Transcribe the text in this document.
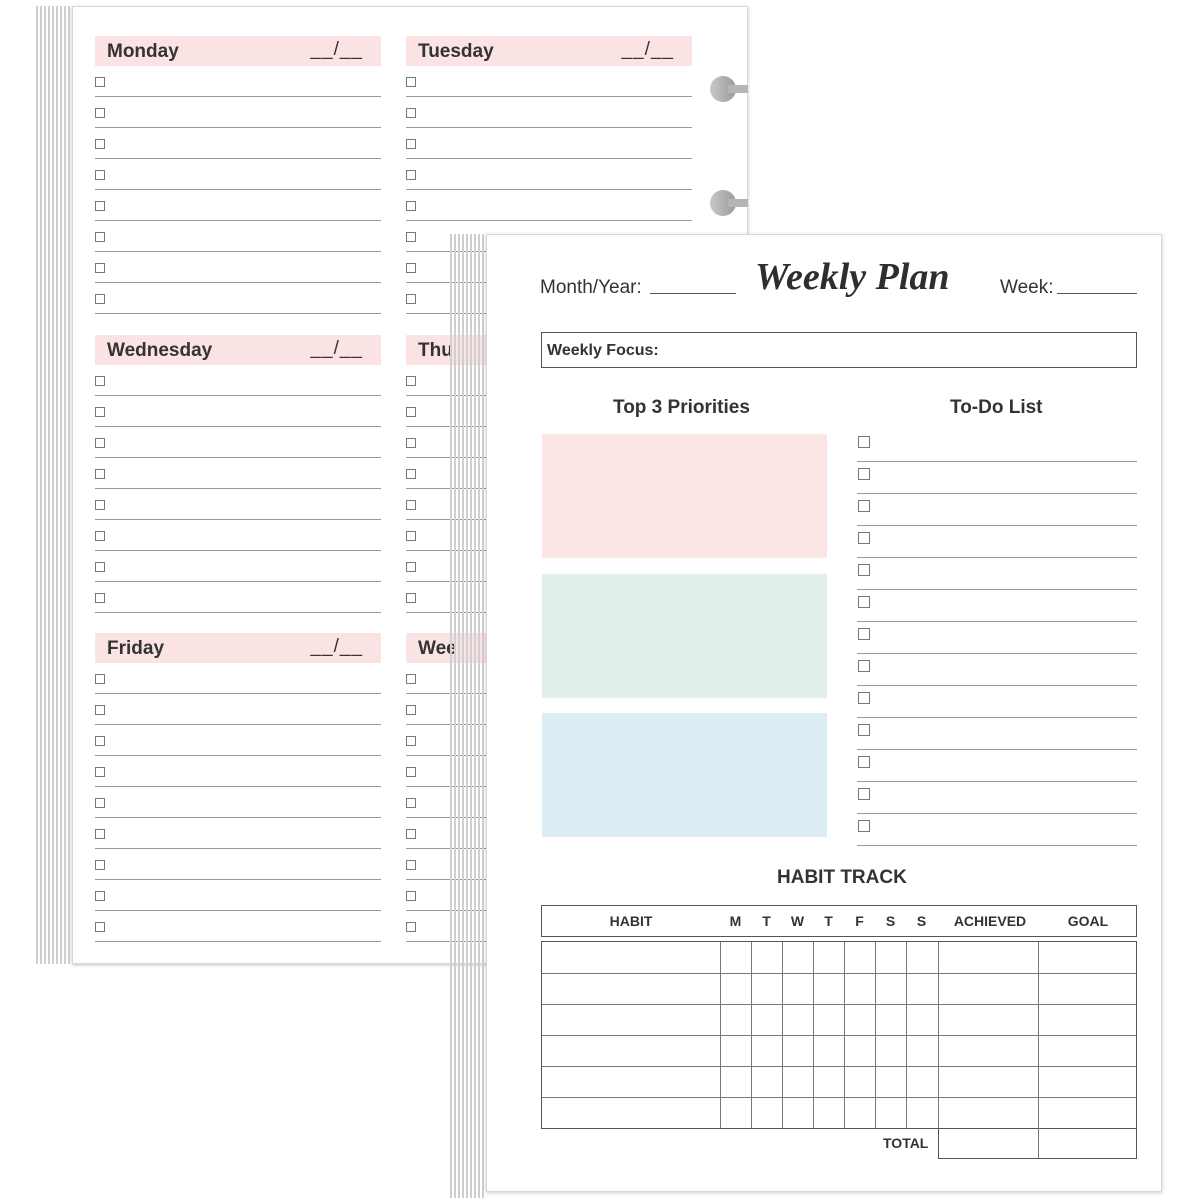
Monday	__/__	Tuesday	__/__
Wednesday	__/__	Thu
Friday	__/__	Wee
Month/Year:	Weekly Plan	Week:
Weekly Focus:
Top 3 Priorities	To-Do List
HABIT TRACK
HABIT	M	T	W	T	F	S	S	ACHIEVED	GOAL
TOTAL
